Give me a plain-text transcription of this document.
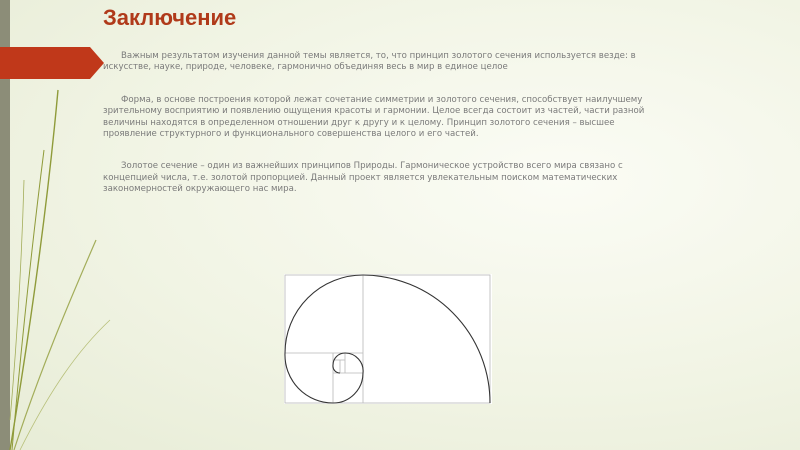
Заключение

Важным результатом изучения данной темы является, то, что принцип золотого сечения используется везде: в искусстве, науке, природе, человеке, гармонично объединяя весь в мир в единое целое

Форма, в основе построения которой лежат сочетание симметрии и золотого сечения, способствует наилучшему зрительному восприятию и появлению ощущения красоты и гармонии. Целое всегда состоит из частей, части разной величины находятся в определенном отношении друг к другу и к целому. Принцип золотого сечения – высшее проявление структурного и функционального совершенства целого и его частей.

Золотое сечение – один из важнейших принципов Природы. Гармоническое устройство всего мира связано с концепцией числа, т.е. золотой пропорцией. Данный проект является увлекательным поиском математических закономерностей окружающего нас мира.
